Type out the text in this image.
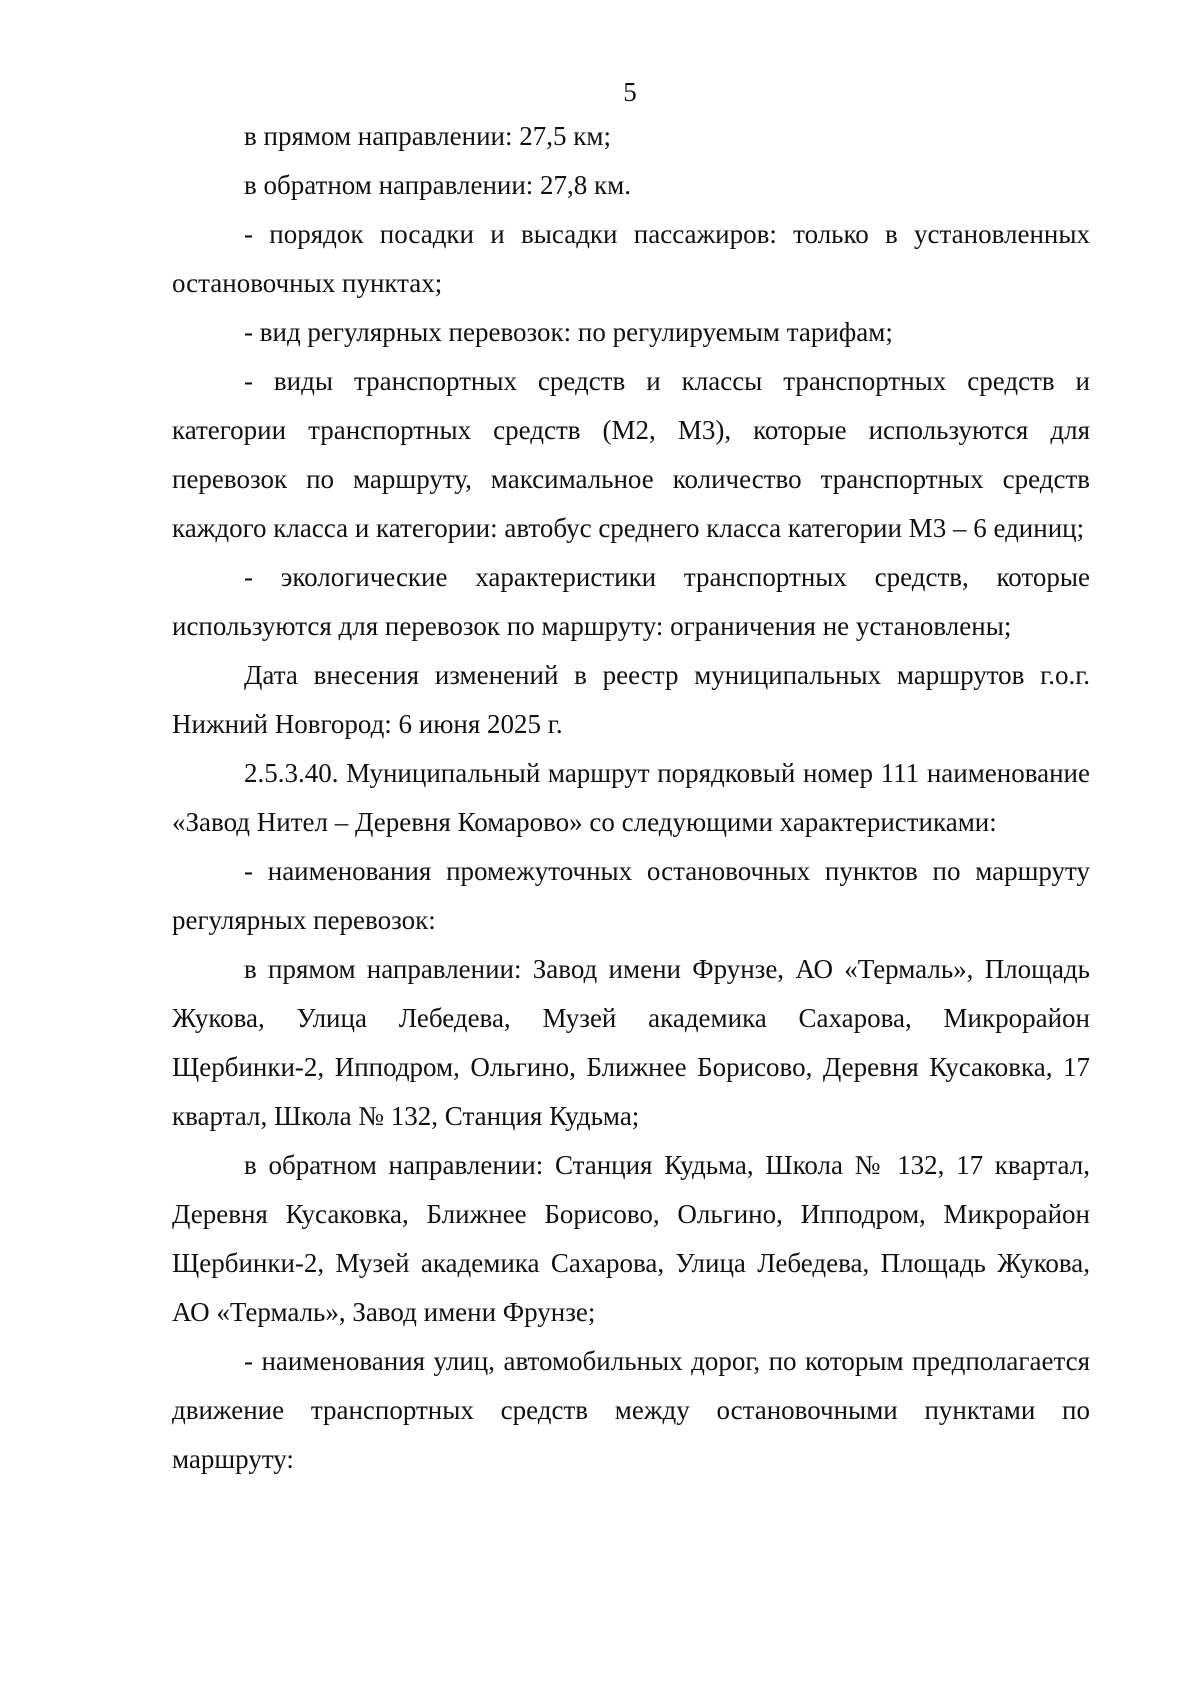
5

в прямом направлении: 27,5 км;

в обратном направлении: 27,8 км.

- порядок посадки и высадки пассажиров: только в установленных остановочных пунктах;

- вид регулярных перевозок: по регулируемым тарифам;

- виды транспортных средств и классы транспортных средств и категории транспортных средств (M2, M3), которые используются для перевозок по маршруту, максимальное количество транспортных средств каждого класса и категории: автобус среднего класса категории М3 – 6 единиц;

- экологические характеристики транспортных средств, которые используются для перевозок по маршруту: ограничения не установлены;

Дата внесения изменений в реестр муниципальных маршрутов г.о.г. Нижний Новгород: 6 июня 2025 г.

2.5.3.40. Муниципальный маршрут порядковый номер 111 наименование «Завод Нител – Деревня Комарово» со следующими характеристиками:

- наименования промежуточных остановочных пунктов по маршруту регулярных перевозок:

в прямом направлении: Завод имени Фрунзе, АО «Термаль», Площадь Жукова, Улица Лебедева, Музей академика Сахарова, Микрорайон Щербинки-2, Ипподром, Ольгино, Ближнее Борисово, Деревня Кусаковка, 17 квартал, Школа № 132, Станция Кудьма;

в обратном направлении: Станция Кудьма, Школа № 132, 17 квартал, Деревня Кусаковка, Ближнее Борисово, Ольгино, Ипподром, Микрорайон Щербинки-2, Музей академика Сахарова, Улица Лебедева, Площадь Жукова, АО «Термаль», Завод имени Фрунзе;

- наименования улиц, автомобильных дорог, по которым предполагается движение транспортных средств между остановочными пунктами по маршруту:
